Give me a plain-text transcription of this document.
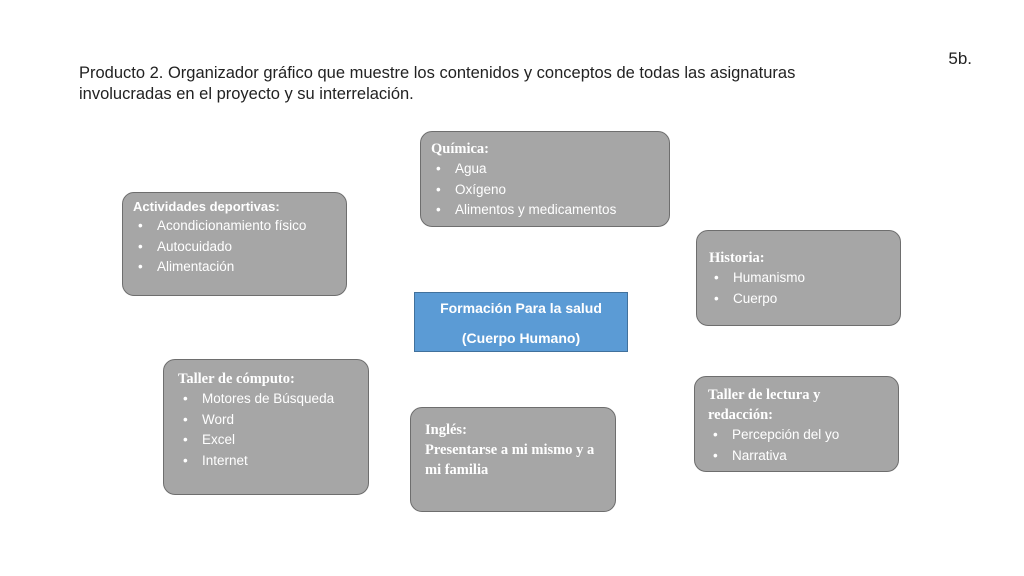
5b.
Producto 2. Organizador gráfico que muestre los contenidos y conceptos de todas las asignaturas involucradas en el proyecto y su interrelación.
Química:
•	Agua
•	Oxígeno
•	Alimentos y medicamentos
Actividades deportivas:
•	Acondicionamiento físico
•	Autocuidado
•	Alimentación
Historia:
•	Humanismo
•	Cuerpo
Formación Para la salud
(Cuerpo Humano)
Taller de cómputo:
•	Motores de Búsqueda
•	Word
•	Excel
•	Internet
Inglés:
Presentarse a mi mismo y a mi familia
Taller de lectura y redacción:
•	Percepción del yo
•	Narrativa
